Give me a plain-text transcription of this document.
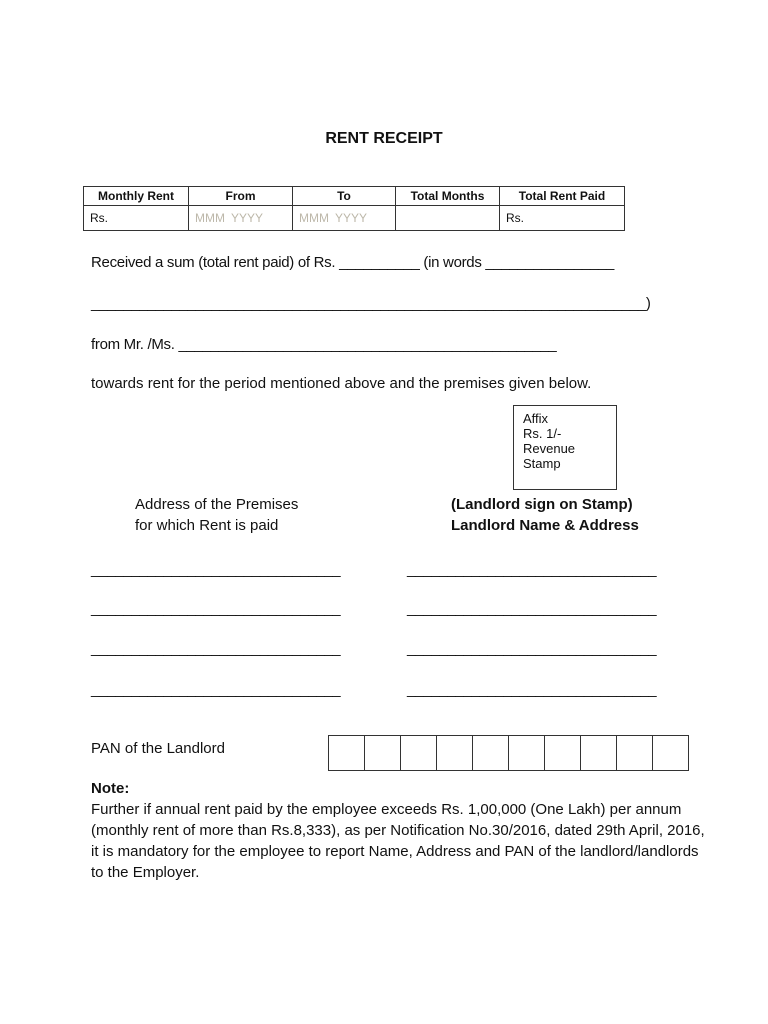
RENT RECEIPT
Monthly Rent	From	To	Total Months	Total Rent Paid
Rs.	MMM YYYY	MMM YYYY		Rs.
Received a sum (total rent paid) of Rs. __________ (in words ________________
_____________________________________________________________________)
from Mr. /Ms. _______________________________________________
towards rent for the period mentioned above and the premises given below.
Affix
Rs. 1/-
Revenue
Stamp
Address of the Premises
for which Rent is paid
(Landlord sign on Stamp)
Landlord Name & Address
_______________________________
_______________________________
_______________________________
_______________________________
_______________________________
_______________________________
_______________________________
_______________________________
PAN of the Landlord
Note:
Further if annual rent paid by the employee exceeds Rs. 1,00,000 (One Lakh) per annum (monthly rent of more than Rs.8,333), as per Notification No.30/2016, dated 29th April, 2016, it is mandatory for the employee to report Name, Address and PAN of the landlord/landlords to the Employer.
